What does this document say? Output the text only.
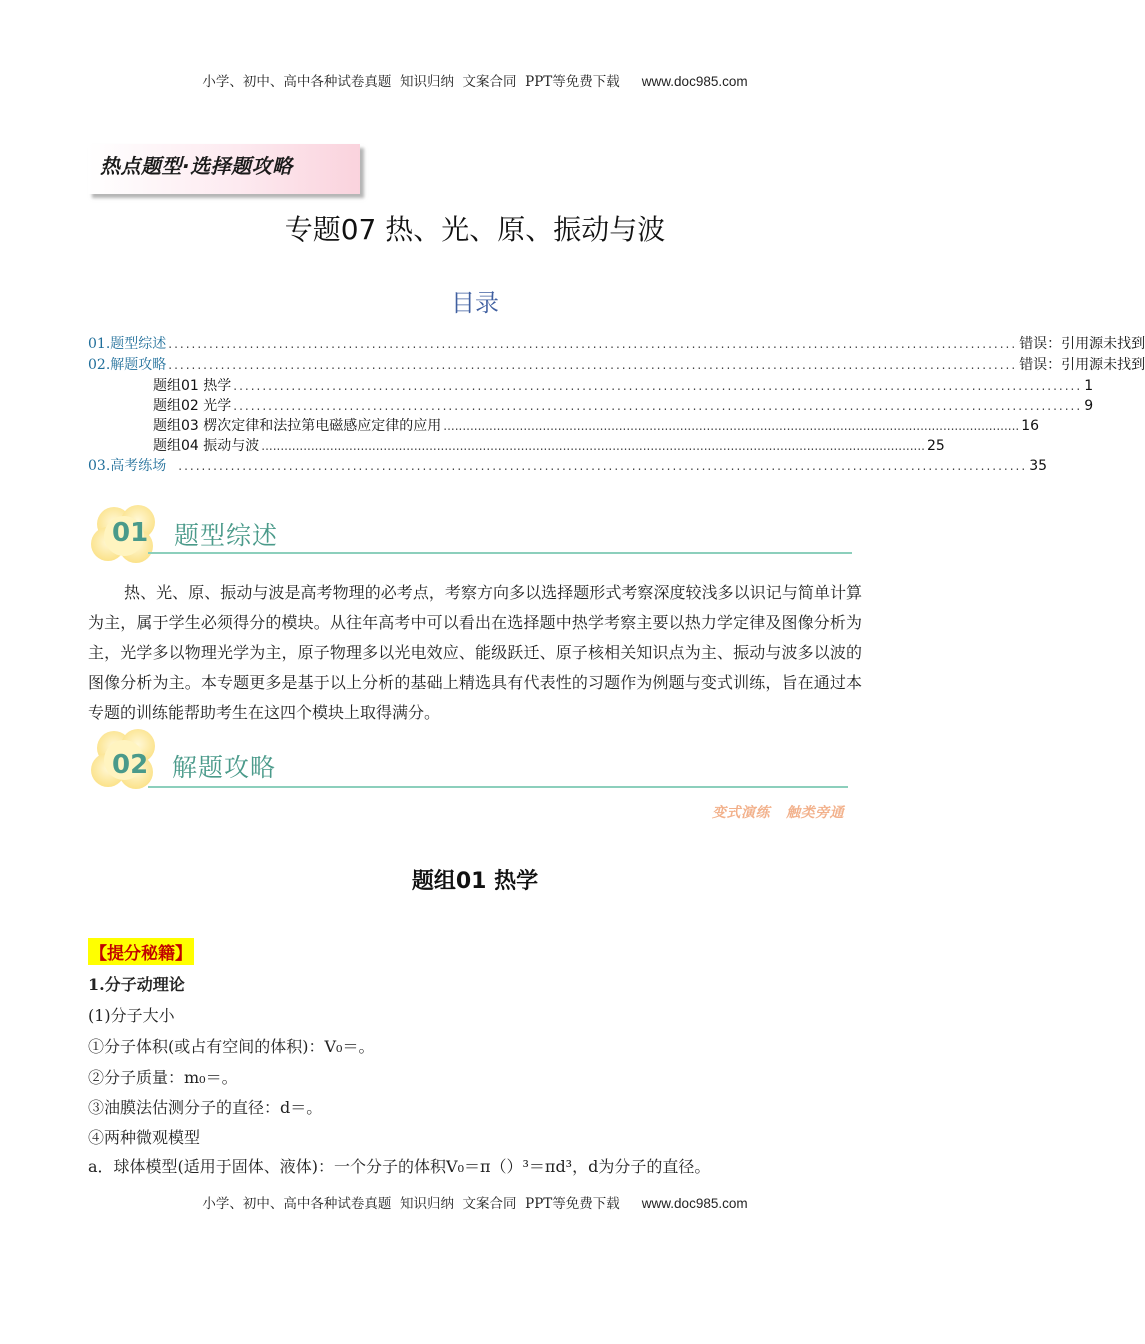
小学、初中、高中各种试卷真题  知识归纳  文案合同  PPT等免费下载 www.doc985.com
热点题型·选择题攻略
专题07 热、光、原、振动与波
目录
01.题型综述 .................................................................................................................................................. 错误：引用源未找到
02.解题攻略 .................................................................................................................................................. 错误：引用源未找到
题组01 热学 .................................................................................................................................................. 1
题组02 光学 .................................................................................................................................................. 9
题组03 楞次定律和法拉第电磁感应定律的应用 ....................................................................................................................................................... 16
题组04 振动与波 .............................................................................................................................................................................. 25
03.高考练场 .................................................................................................................................................. 35
01 题型综述
热、光、原、振动与波是高考物理的必考点，考察方向多以选择题形式考察深度较浅多以识记与简单计算为主，属于学生必须得分的模块。从往年高考中可以看出在选择题中热学考察主要以热力学定律及图像分析为主，光学多以物理光学为主，原子物理多以光电效应、能级跃迁、原子核相关知识点为主、振动与波多以波的图像分析为主。本专题更多是基于以上分析的基础上精选具有代表性的习题作为例题与变式训练，旨在通过本专题的训练能帮助考生在这四个模块上取得满分。
02 解题攻略
变式演练   触类旁通
题组01 热学
【提分秘籍】
1.分子动理论
(1)分子大小
①分子体积(或占有空间的体积)：V₀＝。
②分子质量：m₀＝。
③油膜法估测分子的直径：d＝。
④两种微观模型
a．球体模型(适用于固体、液体)：一个分子的体积V₀＝π（）³＝πd³，d为分子的直径。
小学、初中、高中各种试卷真题  知识归纳  文案合同  PPT等免费下载 www.doc985.com
